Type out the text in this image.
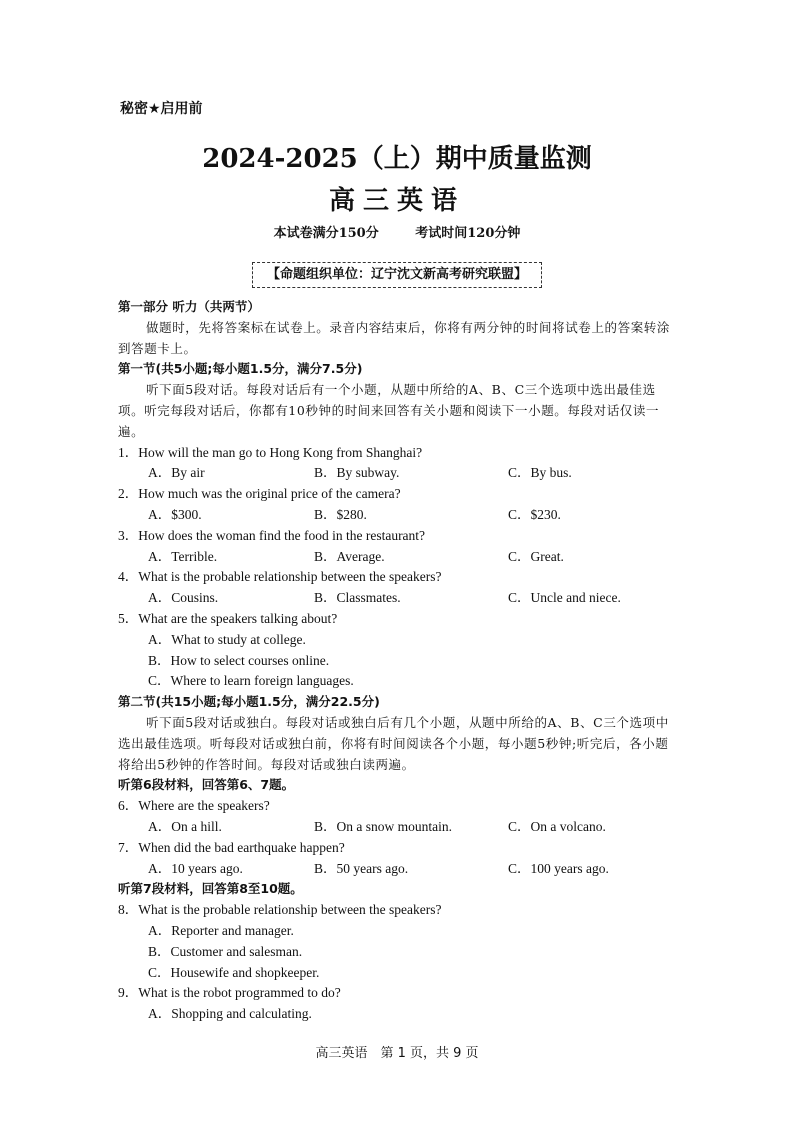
秘密★启用前
2024-2025（上）期中质量监测
高三英语
本试卷满分150分	考试时间120分钟
【命题组织单位：辽宁沈文新高考研究联盟】
第一部分 听力（共两节）
做题时，先将答案标在试卷上。录音内容结束后，你将有两分钟的时间将试卷上的答案转涂到答题卡上。
第一节(共5小题;每小题1.5分，满分7.5分)
听下面5段对话。每段对话后有一个小题，从题中所给的A、B、C三个选项中选出最佳选项。听完每段对话后，你都有10秒钟的时间来回答有关小题和阅读下一小题。每段对话仅读一遍。
1．How will the man go to Hong Kong from Shanghai?
A．By air	B．By subway.	C．By bus.
2．How much was the original price of the camera?
A．$300.	B．$280.	C．$230.
3．How does the woman find the food in the restaurant?
A．Terrible.	B．Average.	C．Great.
4．What is the probable relationship between the speakers?
A．Cousins.	B．Classmates.	C．Uncle and niece.
5．What are the speakers talking about?
A．What to study at college.
B．How to select courses online.
C．Where to learn foreign languages.
第二节(共15小题;每小题1.5分，满分22.5分)
听下面5段对话或独白。每段对话或独白后有几个小题，从题中所给的A、B、C三个选项中选出最佳选项。听每段对话或独白前，你将有时间阅读各个小题，每小题5秒钟;听完后，各小题将给出5秒钟的作答时间。每段对话或独白读两遍。
听第6段材料，回答第6、7题。
6．Where are the speakers?
A．On a hill.	B．On a snow mountain.	C．On a volcano.
7．When did the bad earthquake happen?
A．10 years ago.	B．50 years ago.	C．100 years ago.
听第7段材料，回答第8至10题。
8．What is the probable relationship between the speakers?
A．Reporter and manager.
B．Customer and salesman.
C．Housewife and shopkeeper.
9．What is the robot programmed to do?
A．Shopping and calculating.
高三英语　第 1 页，共 9 页
